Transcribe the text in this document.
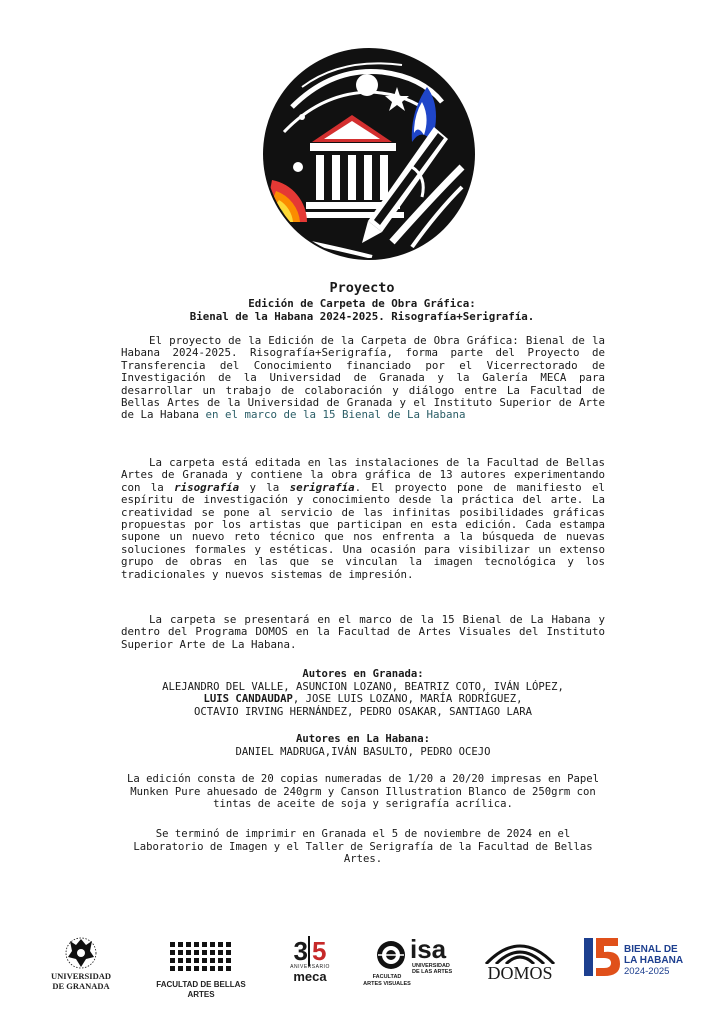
Proyecto
Edición de Carpeta de Obra Gráfica:
Bienal de la Habana 2024-2025. Risografía+Serigrafía.
El proyecto de la Edición de la Carpeta de Obra Gráfica: Bienal de la Habana 2024-2025. Risografía+Serigrafía, forma parte del Proyecto de Transferencia del Conocimiento financiado por el Vicerrectorado de Investigación de la Universidad de Granada y la Galería MECA para desarrollar un trabajo de colaboración y diálogo entre La Facultad de Bellas Artes de la Universidad de Granada y el Instituto Superior de Arte de La Habana en el marco de la 15 Bienal de La Habana
La carpeta está editada en las instalaciones de la Facultad de Bellas Artes de Granada y contiene la obra gráfica de 13 autores experimentando con la risografía y la serigrafía. El proyecto pone de manifiesto el espíritu de investigación y conocimiento desde la práctica del arte. La creatividad se pone al servicio de las infinitas posibilidades gráficas propuestas por los artistas que participan en esta edición. Cada estampa supone un nuevo reto técnico que nos enfrenta a la búsqueda de nuevas soluciones formales y estéticas. Una ocasión para visibilizar un extenso grupo de obras en las que se vinculan la imagen tecnológica y los tradicionales y nuevos sistemas de impresión.
La carpeta se presentará en el marco de la 15 Bienal de La Habana y dentro del Programa DOMOS en la Facultad de Artes Visuales del Instituto Superior Arte de La Habana.
Autores en Granada:
ALEJANDRO DEL VALLE, ASUNCION LOZANO, BEATRIZ COTO, IVÁN LÓPEZ,
LUIS CANDAUDAP, JOSE LUIS LOZANO, MARÍA RODRÍGUEZ,
OCTAVIO IRVING HERNÁNDEZ, PEDRO OSAKAR, SANTIAGO LARA
Autores en La Habana:
DANIEL MADRUGA,IVÁN BASULTO, PEDRO OCEJO
La edición consta de 20 copias numeradas de 1/20 a 20/20 impresas en Papel Munken Pure ahuesado de 240grm y Canson Illustration Blanco de 250grm con tintas de aceite de soja y serigrafía acrílica.
Se terminó de imprimir en Granada el 5 de noviembre de 2024 en el Laboratorio de Imagen y el Taller de Serigrafía de la Facultad de Bellas Artes.
UNIVERSIDAD
DE GRANADA	FACULTAD DE BELLAS ARTES
3 5
ANIVERSARIO
meca
isa
UNIVERSIDAD
DE LAS ARTES
FACULTAD
ARTES VISUALES
DOMOS
BIENAL DE
LA HABANA
2024-2025
